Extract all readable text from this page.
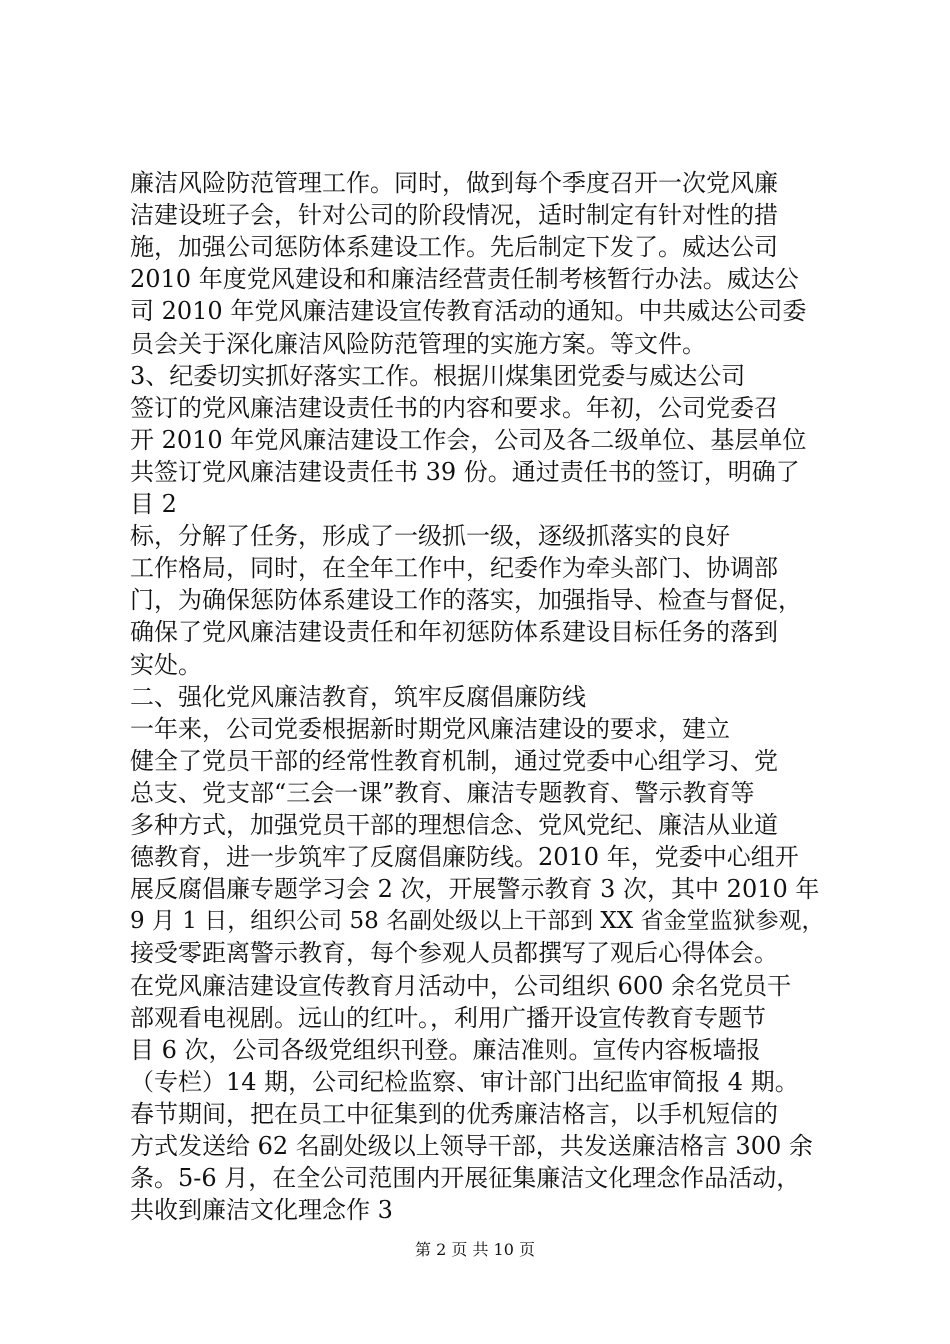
廉洁风险防范管理工作。同时，做到每个季度召开一次党风廉

洁建设班子会，针对公司的阶段情况，适时制定有针对性的措

施，加强公司惩防体系建设工作。先后制定下发了。威达公司

2010 年度党风建设和和廉洁经营责任制考核暂行办法。威达公

司 2010 年党风廉洁建设宣传教育活动的通知。中共威达公司委

员会关于深化廉洁风险防范管理的实施方案。等文件。

3、纪委切实抓好落实工作。根据川煤集团党委与威达公司

签订的党风廉洁建设责任书的内容和要求。年初，公司党委召

开 2010 年党风廉洁建设工作会，公司及各二级单位、基层单位

共签订党风廉洁建设责任书 39 份。通过责任书的签订，明确了

目 2

标，分解了任务，形成了一级抓一级，逐级抓落实的良好

工作格局，同时，在全年工作中，纪委作为牵头部门、协调部

门，为确保惩防体系建设工作的落实，加强指导、检查与督促，

确保了党风廉洁建设责任和年初惩防体系建设目标任务的落到

实处。

二、强化党风廉洁教育，筑牢反腐倡廉防线

一年来，公司党委根据新时期党风廉洁建设的要求，建立

健全了党员干部的经常性教育机制，通过党委中心组学习、党

总支、党支部“三会一课”教育、廉洁专题教育、警示教育等

多种方式，加强党员干部的理想信念、党风党纪、廉洁从业道

德教育，进一步筑牢了反腐倡廉防线。2010 年，党委中心组开

展反腐倡廉专题学习会 2 次，开展警示教育 3 次，其中 2010 年

9 月 1 日，组织公司 58 名副处级以上干部到 XX 省金堂监狱参观，

接受零距离警示教育，每个参观人员都撰写了观后心得体会。

在党风廉洁建设宣传教育月活动中，公司组织 600 余名党员干

部观看电视剧。远山的红叶。，利用广播开设宣传教育专题节

目 6 次，公司各级党组织刊登。廉洁准则。宣传内容板墙报

（专栏）14 期，公司纪检监察、审计部门出纪监审简报 4 期。

春节期间，把在员工中征集到的优秀廉洁格言，以手机短信的

方式发送给 62 名副处级以上领导干部，共发送廉洁格言 300 余

条。5-6 月，在全公司范围内开展征集廉洁文化理念作品活动，

共收到廉洁文化理念作 3

第 2 页 共 10 页
